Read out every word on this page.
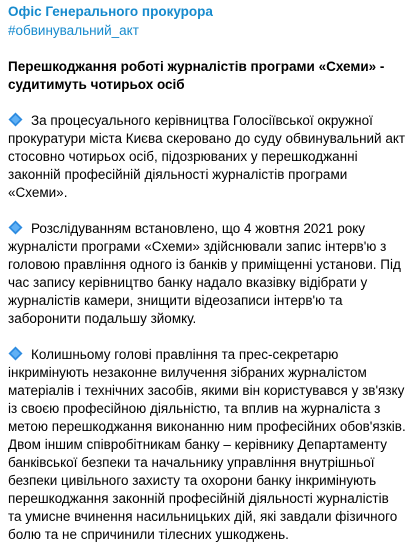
Офіс Генерального прокурора
#обвинувальний_акт

Перешкоджання роботі журналістів програми «Схеми» - судитимуть чотирьох осіб

За процесуального керівництва Голосіївської окружної прокуратури міста Києва скеровано до суду обвинувальний акт стосовно чотирьох осіб, підозрюваних у перешкоджанні законній професійній діяльності журналістів програми «Схеми».

Розслідуванням встановлено, що 4 жовтня 2021 року журналісти програми «Схеми» здійснювали запис інтерв'ю з головою правління одного із банків у приміщенні установи. Під час запису керівництво банку надало вказівку відібрати у журналістів камери, знищити відеозаписи інтерв'ю та заборонити подальшу зйомку.

Колишньому голові правління та прес-секретарю інкримінують незаконне вилучення зібраних журналістом матеріалів і технічних засобів, якими він користувався у зв'язку із своєю професійною діяльністю, та вплив на журналіста з метою перешкоджання виконанню ним професійних обов'язків. Двом іншим співробітникам банку – керівнику Департаменту банківської безпеки та начальнику управління внутрішньої безпеки цивільного захисту та охорони банку інкримінують перешкоджання законній професійній діяльності журналістів та умисне вчинення насильницьких дій, які завдали фізичного болю та не спричинили тілесних ушкоджень.
